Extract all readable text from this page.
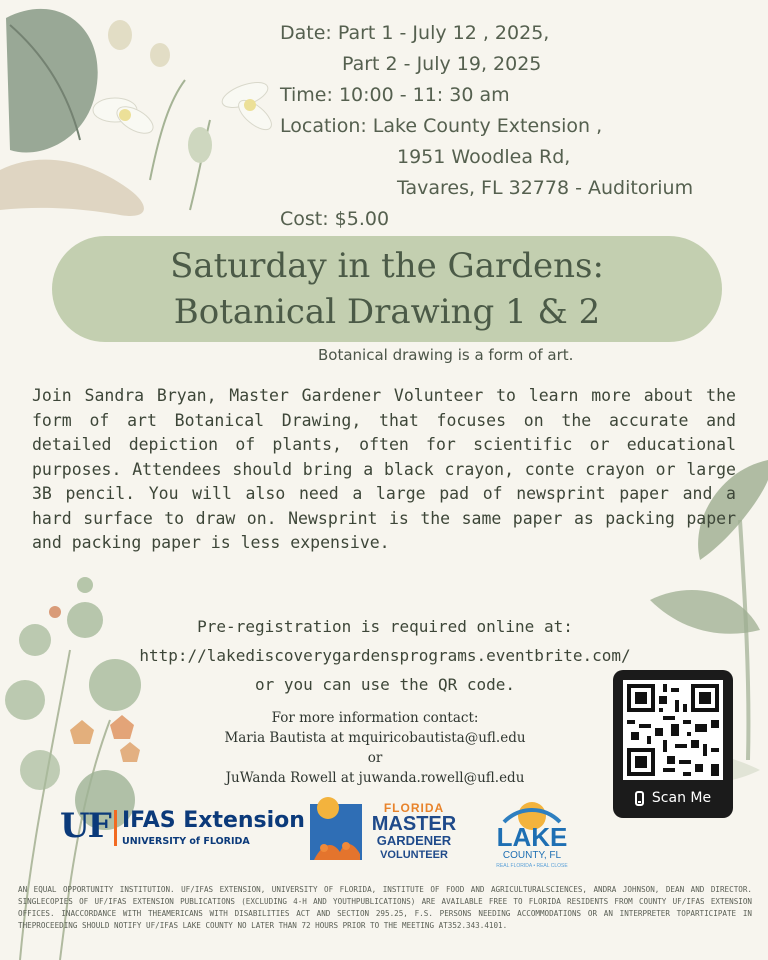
Date: Part 1 - July 12 , 2025,
Part 2 - July 19, 2025
Time: 10:00 - 11: 30 am
Location: Lake County Extension ,
1951 Woodlea Rd,
Tavares, FL 32778 - Auditorium
Cost: $5.00
Saturday in the Gardens:
Botanical Drawing 1 & 2
Botanical drawing is a form of art.
Join Sandra Bryan, Master Gardener Volunteer to learn more about the form of art Botanical Drawing, that focuses on the accurate and detailed depiction of plants, often for scientific or educational purposes. Attendees should bring a black crayon, conte crayon or large 3B pencil. You will also need a large pad of newsprint paper and a hard surface to draw on. Newsprint is the same paper as packing paper and packing paper is less expensive.
Pre-registration is required online at:
http://lakediscoverygardensprograms.eventbrite.com/
or you can use the QR code.
For more information contact:
Maria Bautista at mquiricobautista@ufl.edu
or
JuWanda Rowell at juwanda.rowell@ufl.edu
Scan Me
UF IFAS Extension
UNIVERSITY of FLORIDA
FLORIDA
MASTER
GARDENER
VOLUNTEER
LAKE
COUNTY, FL
REAL FLORIDA • REAL CLOSE
AN EQUAL OPPORTUNITY INSTITUTION. UF/IFAS EXTENSION, UNIVERSITY OF FLORIDA, INSTITUTE OF FOOD AND AGRICULTURALSCIENCES, ANDRA JOHNSON, DEAN AND DIRECTOR. SINGLECOPIES OF UF/IFAS EXTENSION PUBLICATIONS (EXCLUDING 4-H AND YOUTHPUBLICATIONS) ARE AVAILABLE FREE TO FLORIDA RESIDENTS FROM COUNTY UF/IFAS EXTENSION OFFICES. INACCORDANCE WITH THEAMERICANS WITH DISABILITIES ACT AND SECTION 295.25, F.S. PERSONS NEEDING ACCOMMODATIONS OR AN INTERPRETER TOPARTICIPATE IN THEPROCEEDING SHOULD NOTIFY UF/IFAS LAKE COUNTY NO LATER THAN 72 HOURS PRIOR TO THE MEETING AT352.343.4101.
